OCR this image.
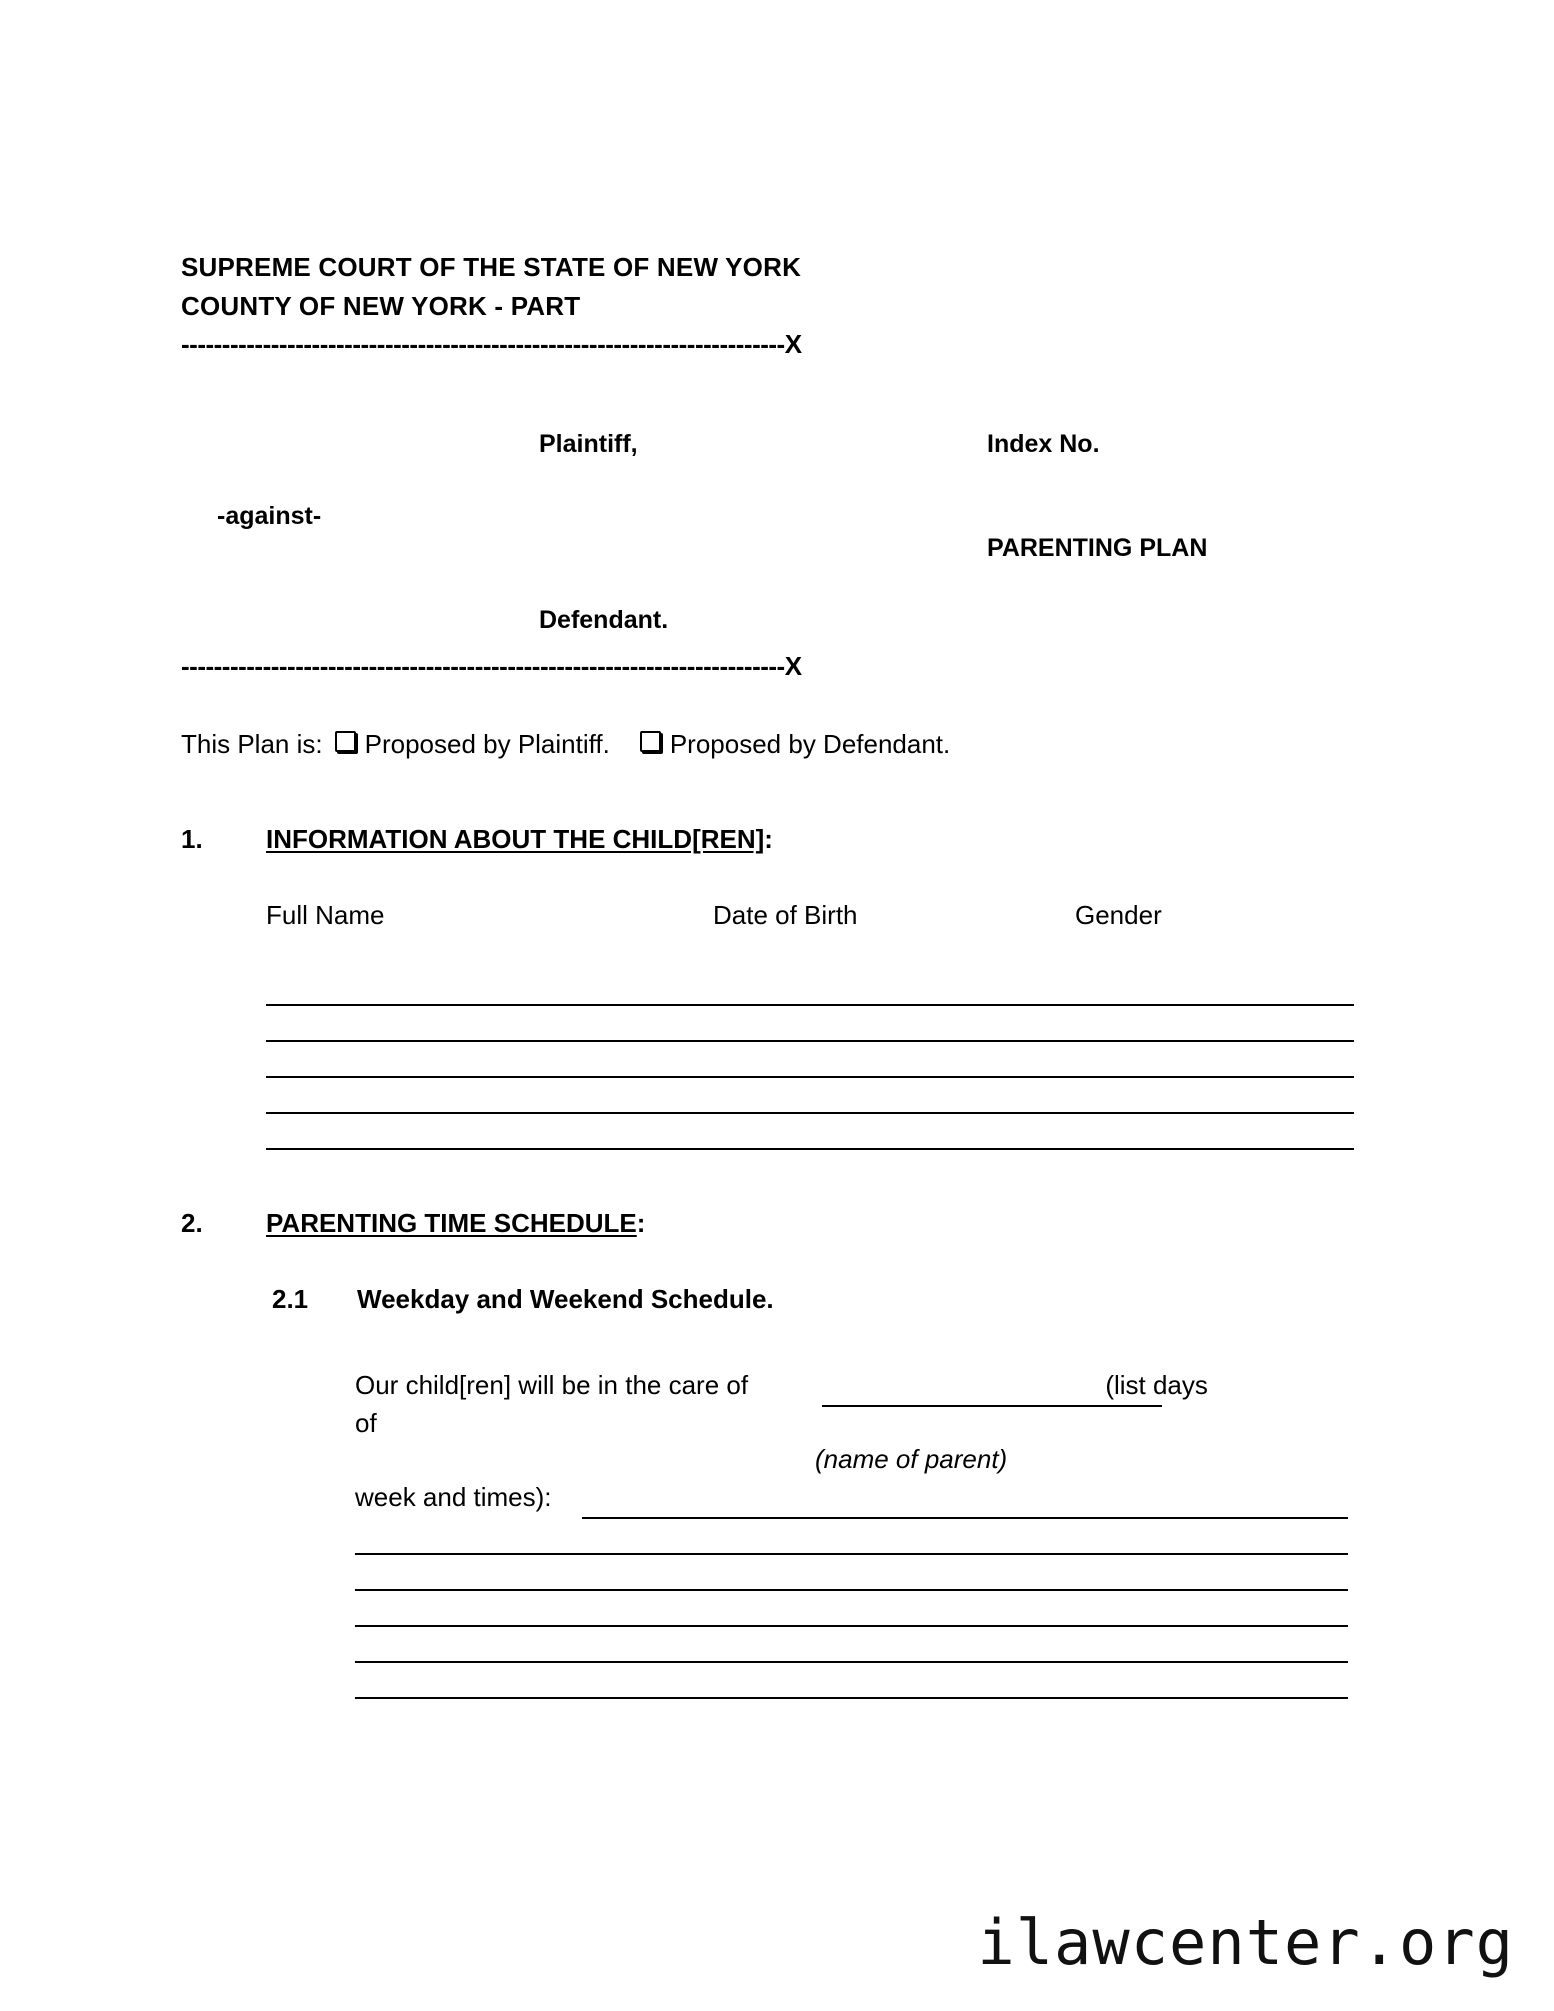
SUPREME COURT OF THE STATE OF NEW YORK
COUNTY OF NEW YORK - PART
--------------------------------------------------------------------------X
Plaintiff,	Index No.
-against-
PARENTING PLAN
Defendant.
--------------------------------------------------------------------------X
This Plan is: Proposed by Plaintiff. Proposed by Defendant.
1. INFORMATION ABOUT THE CHILD[REN]:
Full Name	Date of Birth	Gender
2. PARENTING TIME SCHEDULE:
2.1 Weekday and Weekend Schedule.
Our child[ren] will be in the care of	(list days
of
(name of parent)
week and times):
ilawcenter.org
